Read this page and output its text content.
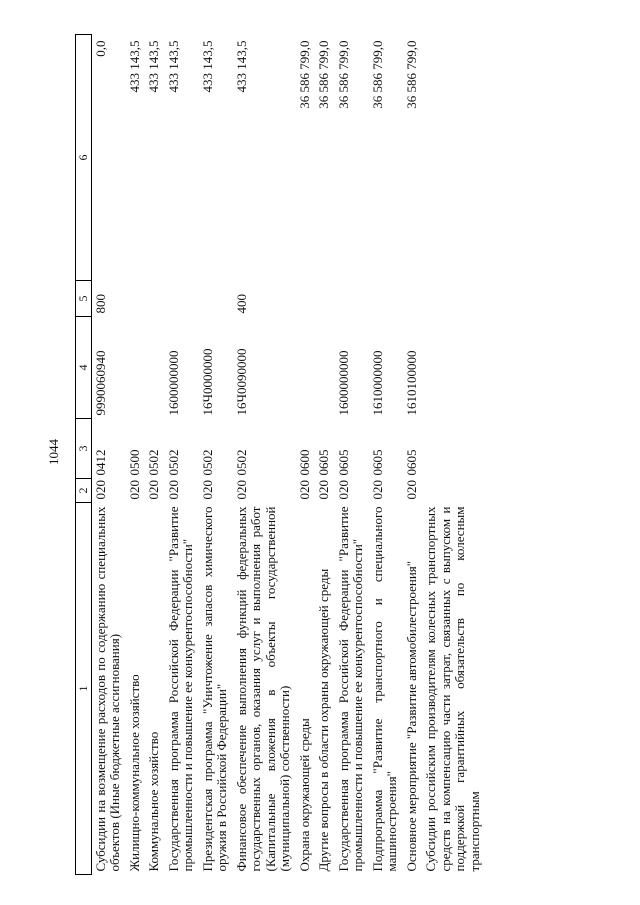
1044
1	2	3	4	5	6
Субсидии на возмещение расходов по содержанию специальных объектов (Иные бюджетные ассигнования)	020	0412	9990060940	800	0,0
Жилищно-коммунальное хозяйство	020	0500			433 143,5
Коммунальное хозяйство	020	0502			433 143,5
Государственная программа Российской Федерации "Развитие промышленности и повышение ее конкурентоспособности"	020	0502	1600000000		433 143,5
Президентская программа "Уничтожение запасов химического оружия в Российской Федерации"	020	0502	16Ч0000000		433 143,5
Финансовое обеспечение выполнения функций федеральных государственных органов, оказания услуг и выполнения работ (Капитальные вложения в объекты государственной (муниципальной) собственности)	020	0502	16Ч0090000	400	433 143,5
Охрана окружающей среды	020	0600			36 586 799,0
Другие вопросы в области охраны окружающей среды	020	0605			36 586 799,0
Государственная программа Российской Федерации "Развитие промышленности и повышение ее конкурентоспособности"	020	0605	1600000000		36 586 799,0
Подпрограмма "Развитие транспортного и специального машиностроения"	020	0605	1610000000		36 586 799,0
Основное мероприятие "Развитие автомобилестроения"	020	0605	1610100000		36 586 799,0
Субсидии российским производителям колесных транспортных средств на компенсацию части затрат, связанных с выпуском и поддержкой гарантийных обязательств по колесным транспортным					
